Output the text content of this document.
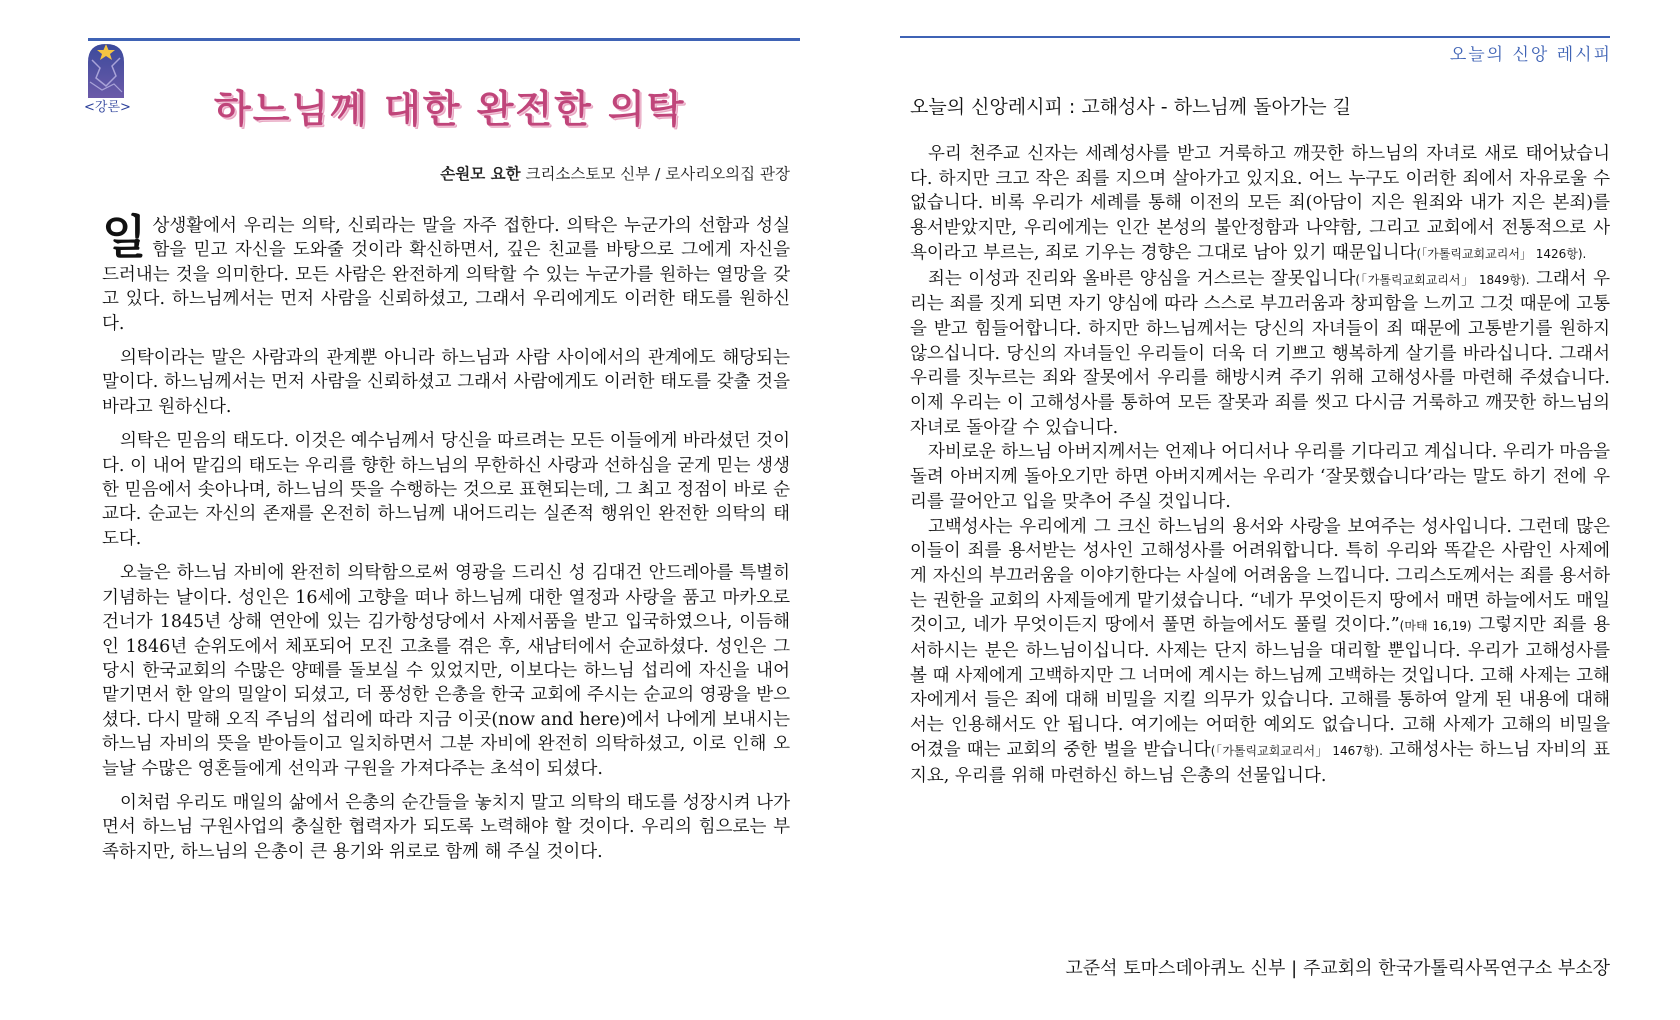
<강론> 하느님께 대한 완전한 의탁
손원모 요한 크리소스토모 신부 / 로사리오의집 관장

일상생활에서 우리는 의탁, 신뢰라는 말을 자주 접한다. 의탁은 누군가의 선함과 성실함을 믿고 자신을 도와줄 것이라 확신하면서, 깊은 친교를 바탕으로 그에게 자신을 드러내는 것을 의미한다. 모든 사람은 완전하게 의탁할 수 있는 누군가를 원하는 열망을 갖고 있다. 하느님께서는 먼저 사람을 신뢰하셨고, 그래서 우리에게도 이러한 태도를 원하신다.

의탁이라는 말은 사람과의 관계뿐 아니라 하느님과 사람 사이에서의 관계에도 해당되는 말이다. 하느님께서는 먼저 사람을 신뢰하셨고 그래서 사람에게도 이러한 태도를 갖출 것을 바라고 원하신다.

의탁은 믿음의 태도다. 이것은 예수님께서 당신을 따르려는 모든 이들에게 바라셨던 것이다. 이 내어 맡김의 태도는 우리를 향한 하느님의 무한하신 사랑과 선하심을 굳게 믿는 생생한 믿음에서 솟아나며, 하느님의 뜻을 수행하는 것으로 표현되는데, 그 최고 정점이 바로 순교다. 순교는 자신의 존재를 온전히 하느님께 내어드리는 실존적 행위인 완전한 의탁의 태도다.

오늘은 하느님 자비에 완전히 의탁함으로써 영광을 드리신 성 김대건 안드레아를 특별히 기념하는 날이다. 성인은 16세에 고향을 떠나 하느님께 대한 열정과 사랑을 품고 마카오로 건너가 1845년 상해 연안에 있는 김가항성당에서 사제서품을 받고 입국하였으나, 이듬해인 1846년 순위도에서 체포되어 모진 고초를 겪은 후, 새남터에서 순교하셨다. 성인은 그 당시 한국교회의 수많은 양떼를 돌보실 수 있었지만, 이보다는 하느님 섭리에 자신을 내어 맡기면서 한 알의 밀알이 되셨고, 더 풍성한 은총을 한국 교회에 주시는 순교의 영광을 받으셨다. 다시 말해 오직 주님의 섭리에 따라 지금 이곳(now and here)에서 나에게 보내시는 하느님 자비의 뜻을 받아들이고 일치하면서 그분 자비에 완전히 의탁하셨고, 이로 인해 오늘날 수많은 영혼들에게 선익과 구원을 가져다주는 초석이 되셨다.

이처럼 우리도 매일의 삶에서 은총의 순간들을 놓치지 말고 의탁의 태도를 성장시켜 나가면서 하느님 구원사업의 충실한 협력자가 되도록 노력해야 할 것이다. 우리의 힘으로는 부족하지만, 하느님의 은총이 큰 용기와 위로로 함께 해 주실 것이다.

오늘의 신앙 레시피
오늘의 신앙레시피 : 고해성사 - 하느님께 돌아가는 길

우리 천주교 신자는 세례성사를 받고 거룩하고 깨끗한 하느님의 자녀로 새로 태어났습니다. 하지만 크고 작은 죄를 지으며 살아가고 있지요. 어느 누구도 이러한 죄에서 자유로울 수 없습니다. 비록 우리가 세례를 통해 이전의 모든 죄(아담이 지은 원죄와 내가 지은 본죄)를 용서받았지만, 우리에게는 인간 본성의 불안정함과 나약함, 그리고 교회에서 전통적으로 사욕이라고 부르는, 죄로 기우는 경향은 그대로 남아 있기 때문입니다(「가톨릭교회교리서」 1426항).

죄는 이성과 진리와 올바른 양심을 거스르는 잘못입니다(「가톨릭교회교리서」 1849항). 그래서 우리는 죄를 짓게 되면 자기 양심에 따라 스스로 부끄러움과 창피함을 느끼고 그것 때문에 고통을 받고 힘들어합니다. 하지만 하느님께서는 당신의 자녀들이 죄 때문에 고통받기를 원하지 않으십니다. 당신의 자녀들인 우리들이 더욱 더 기쁘고 행복하게 살기를 바라십니다. 그래서 우리를 짓누르는 죄와 잘못에서 우리를 해방시켜 주기 위해 고해성사를 마련해 주셨습니다. 이제 우리는 이 고해성사를 통하여 모든 잘못과 죄를 씻고 다시금 거룩하고 깨끗한 하느님의 자녀로 돌아갈 수 있습니다.

자비로운 하느님 아버지께서는 언제나 어디서나 우리를 기다리고 계십니다. 우리가 마음을 돌려 아버지께 돌아오기만 하면 아버지께서는 우리가 ‘잘못했습니다’라는 말도 하기 전에 우리를 끌어안고 입을 맞추어 주실 것입니다.

고백성사는 우리에게 그 크신 하느님의 용서와 사랑을 보여주는 성사입니다. 그런데 많은 이들이 죄를 용서받는 성사인 고해성사를 어려워합니다. 특히 우리와 똑같은 사람인 사제에게 자신의 부끄러움을 이야기한다는 사실에 어려움을 느낍니다. 그리스도께서는 죄를 용서하는 권한을 교회의 사제들에게 맡기셨습니다. “네가 무엇이든지 땅에서 매면 하늘에서도 매일 것이고, 네가 무엇이든지 땅에서 풀면 하늘에서도 풀릴 것이다.”(마태 16,19) 그렇지만 죄를 용서하시는 분은 하느님이십니다. 사제는 단지 하느님을 대리할 뿐입니다. 우리가 고해성사를 볼 때 사제에게 고백하지만 그 너머에 계시는 하느님께 고백하는 것입니다. 고해 사제는 고해자에게서 들은 죄에 대해 비밀을 지킬 의무가 있습니다. 고해를 통하여 알게 된 내용에 대해서는 인용해서도 안 됩니다. 여기에는 어떠한 예외도 없습니다. 고해 사제가 고해의 비밀을 어겼을 때는 교회의 중한 벌을 받습니다(「가톨릭교회교리서」 1467항). 고해성사는 하느님 자비의 표지요, 우리를 위해 마련하신 하느님 은총의 선물입니다.

고준석 토마스데아퀴노 신부 | 주교회의 한국가톨릭사목연구소 부소장
